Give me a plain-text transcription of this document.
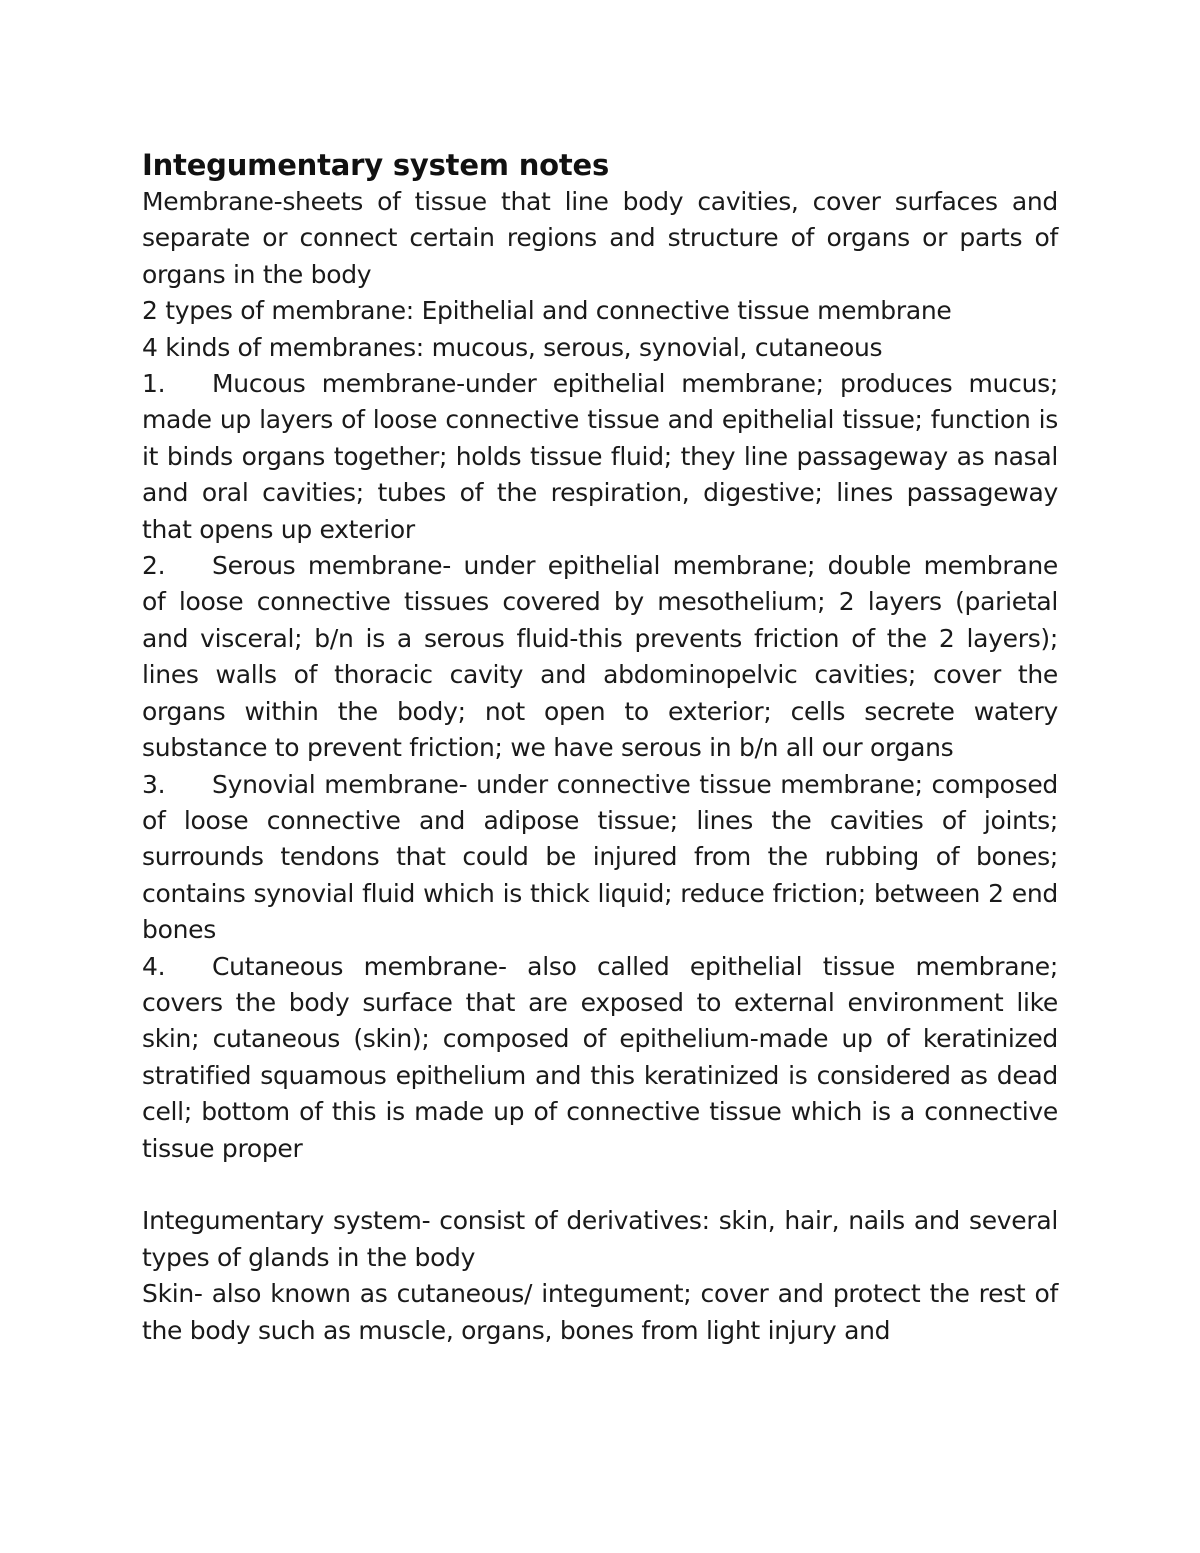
Integumentary system notes

Membrane-sheets of tissue that line body cavities, cover surfaces and separate or connect certain regions and structure of organs or parts of organs in the body

2 types of membrane: Epithelial and connective tissue membrane

4 kinds of membranes: mucous, serous, synovial, cutaneous

1. Mucous membrane-under epithelial membrane; produces mucus; made up layers of loose connective tissue and epithelial tissue; function is it binds organs together; holds tissue fluid; they line passageway as nasal and oral cavities; tubes of the respiration, digestive; lines passageway that opens up exterior

2. Serous membrane- under epithelial membrane; double membrane of loose connective tissues covered by mesothelium; 2 layers (parietal and visceral; b/n is a serous fluid-this prevents friction of the 2 layers); lines walls of thoracic cavity and abdominopelvic cavities; cover the organs within the body; not open to exterior; cells secrete watery substance to prevent friction; we have serous in b/n all our organs

3. Synovial membrane- under connective tissue membrane; composed of loose connective and adipose tissue; lines the cavities of joints; surrounds tendons that could be injured from the rubbing of bones; contains synovial fluid which is thick liquid; reduce friction; between 2 end bones

4. Cutaneous membrane- also called epithelial tissue membrane; covers the body surface that are exposed to external environment like skin; cutaneous (skin); composed of epithelium-made up of keratinized stratified squamous epithelium and this keratinized is considered as dead cell; bottom of this is made up of connective tissue which is a connective tissue proper

Integumentary system- consist of derivatives: skin, hair, nails and several types of glands in the body

Skin- also known as cutaneous/ integument; cover and protect the rest of the body such as muscle, organs, bones from light injury and
